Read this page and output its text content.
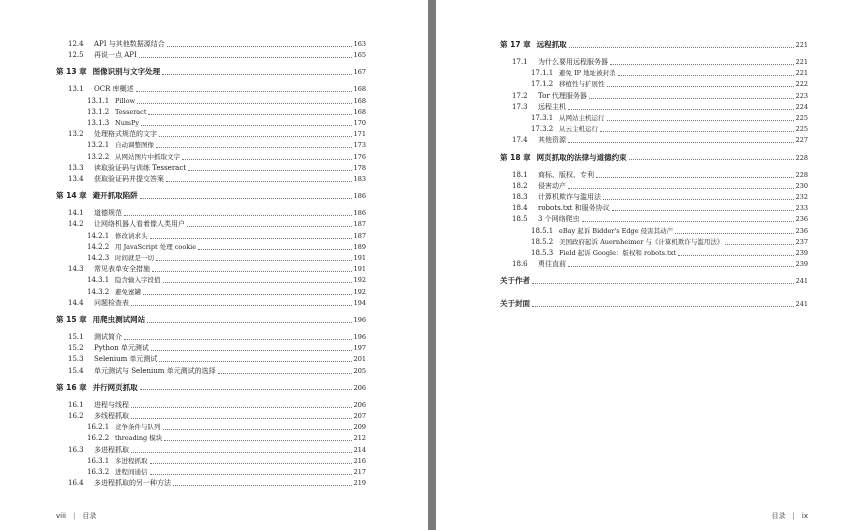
12.4	API 与其他数据源结合	163
12.5	再说一点 API	165
第 13 章 图像识别与文字处理	167
13.1	OCR 库概述	168
13.1.1 Pillow	168
13.1.2 Tesseract	168
13.1.3 NumPy	170
13.2	处理格式规范的文字	171
13.2.1 自动调整图像	173
13.2.2 从网站图片中抓取文字	176
13.3	读取验证码与训练 Tesseract	178
13.4	获取验证码并提交答案	183
第 14 章 避开抓取陷阱	186
14.1	道德规范	186
14.2	让网络机器人看着像人类用户	187
14.2.1 修改请求头	187
14.2.2 用 JavaScript 处理 cookie	189
14.2.3 时间就是一切	191
14.3	常见表单安全措施	191
14.3.1 隐含输入字段值	192
14.3.2 避免蜜罐	192
14.4	问题检查表	194
第 15 章 用爬虫测试网站	196
15.1	测试简介	196
15.2	Python 单元测试	197
15.3	Selenium 单元测试	201
15.4	单元测试与 Selenium 单元测试的选择	205
第 16 章 并行网页抓取	206
16.1	进程与线程	206
16.2	多线程抓取	207
16.2.1 竞争条件与队列	209
16.2.2 threading 模块	212
16.3	多进程抓取	214
16.3.1 多进程抓取	216
16.3.2 进程间通信	217
16.4	多进程抓取的另一种方法	219
viii | 目录
第 17 章 远程抓取	221
17.1	为什么要用远程服务器	221
17.1.1 避免 IP 地址被封杀	221
17.1.2 移植性与扩展性	222
17.2	Tor 代理服务器	223
17.3	远程主机	224
17.3.1 从网站主机运行	225
17.3.2 从云主机运行	225
17.4	其他资源	227
第 18 章 网页抓取的法律与道德约束	228
18.1	商标、版权、专利	228
18.2	侵害动产	230
18.3	计算机欺诈与滥用法	232
18.4	robots.txt 和服务协议	233
18.5	3 个网络爬虫	236
18.5.1 eBay 起诉 Bidder's Edge 侵害其动产	236
18.5.2 美国政府起诉 Auernheimer 与《计算机欺诈与滥用法》	237
18.5.3 Field 起诉 Google：版权和 robots.txt	239
18.6	勇往直前	239
关于作者	241
关于封面	241
目录 | ix
